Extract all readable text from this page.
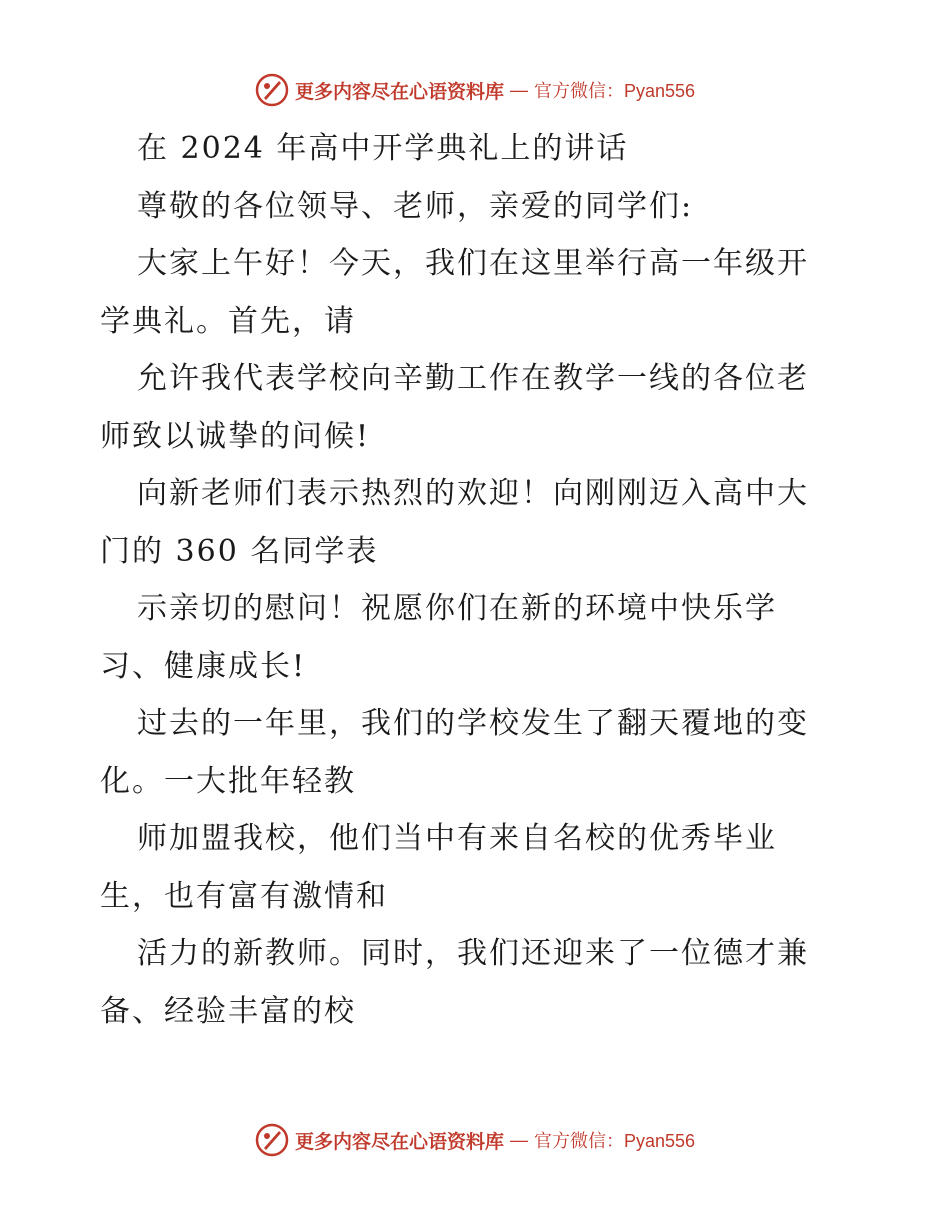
更多内容尽在心语资料库 — 官方微信：Pyan556
在 2024 年高中开学典礼上的讲话
尊敬的各位领导、老师，亲爱的同学们:
大家上午好！今天，我们在这里举行高一年级开
学典礼。首先，请
允许我代表学校向辛勤工作在教学一线的各位老
师致以诚挚的问候!
向新老师们表示热烈的欢迎！向刚刚迈入高中大
门的 360 名同学表
示亲切的慰问！祝愿你们在新的环境中快乐学
习、健康成长!
过去的一年里，我们的学校发生了翻天覆地的变
化。一大批年轻教
师加盟我校，他们当中有来自名校的优秀毕业
生，也有富有激情和
活力的新教师。同时，我们还迎来了一位德才兼
备、经验丰富的校
更多内容尽在心语资料库 — 官方微信：Pyan556
